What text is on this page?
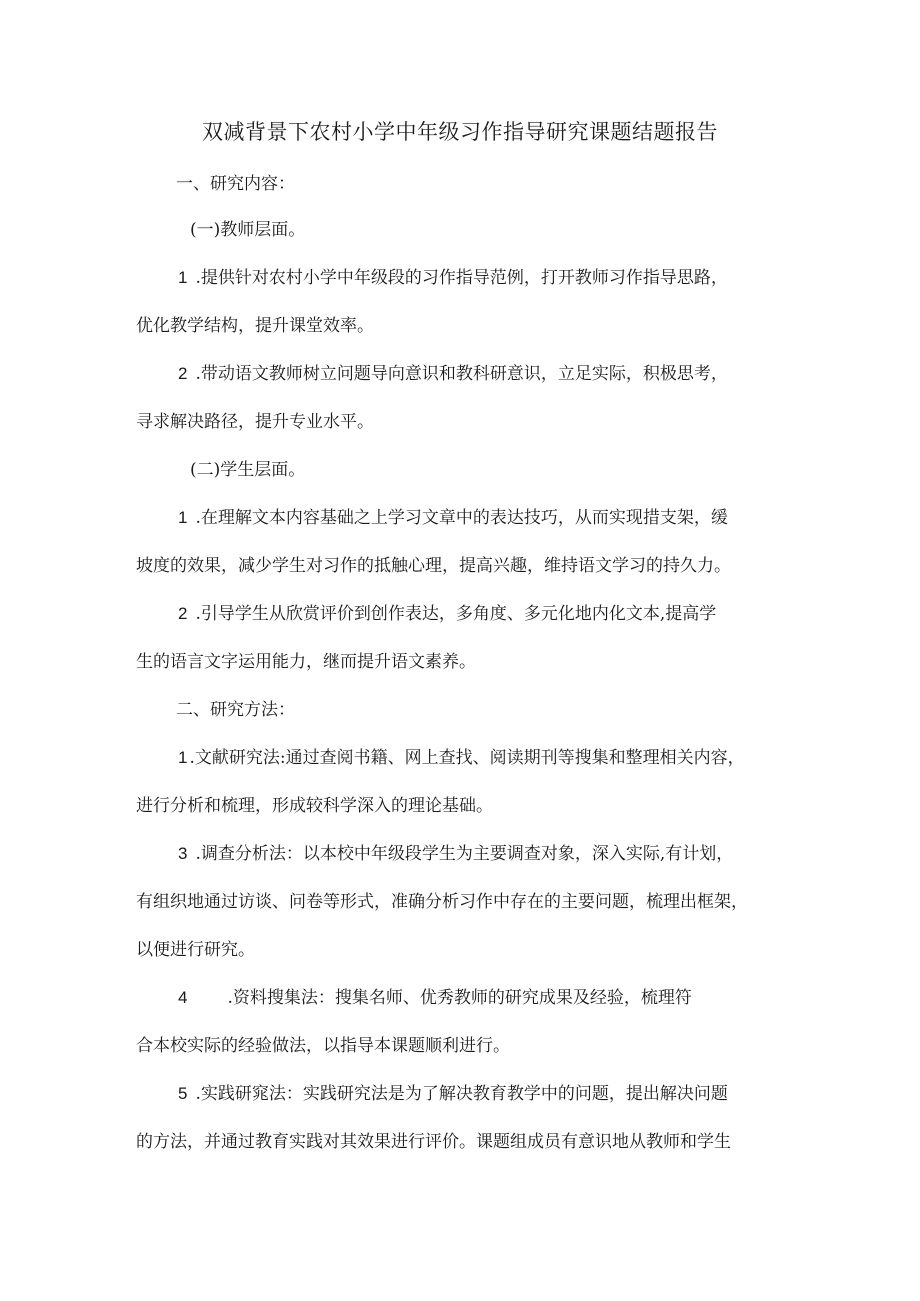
双减背景下农村小学中年级习作指导研究课题结题报告
一、研究内容：
(一)教师层面。
1 .提供针对农村小学中年级段的习作指导范例，打开教师习作指导思路，
优化教学结构，提升课堂效率。
2 .带动语文教师树立问题导向意识和教科研意识，立足实际，积极思考，
寻求解决路径，提升专业水平。
(二)学生层面。
1 .在理解文本内容基础之上学习文章中的表达技巧，从而实现措支架，缓
坡度的效果，减少学生对习作的抵触心理，提高兴趣，维持语文学习的持久力。
2 .引导学生从欣赏评价到创作表达，多角度、多元化地内化文本,提高学
生的语言文字运用能力，继而提升语文素养。
二、研究方法：
1 .文献研究法:通过查阅书籍、网上查找、阅读期刊等搜集和整理相关内容，
进行分析和梳理，形成较科学深入的理论基础。
3 .调查分析法：以本校中年级段学生为主要调查对象，深入实际,有计划，
有组织地通过访谈、问卷等形式，准确分析习作中存在的主要问题，梳理出框架，
以便进行研究。
4 .资料搜集法：搜集名师、优秀教师的研究成果及经验，梳理符
合本校实际的经验做法，以指导本课题顺利进行。
5 .实践研窕法：实践研究法是为了解决教育教学中的问题，提出解决问题
的方法，并通过教育实践对其效果进行评价。课题组成员有意识地从教师和学生
